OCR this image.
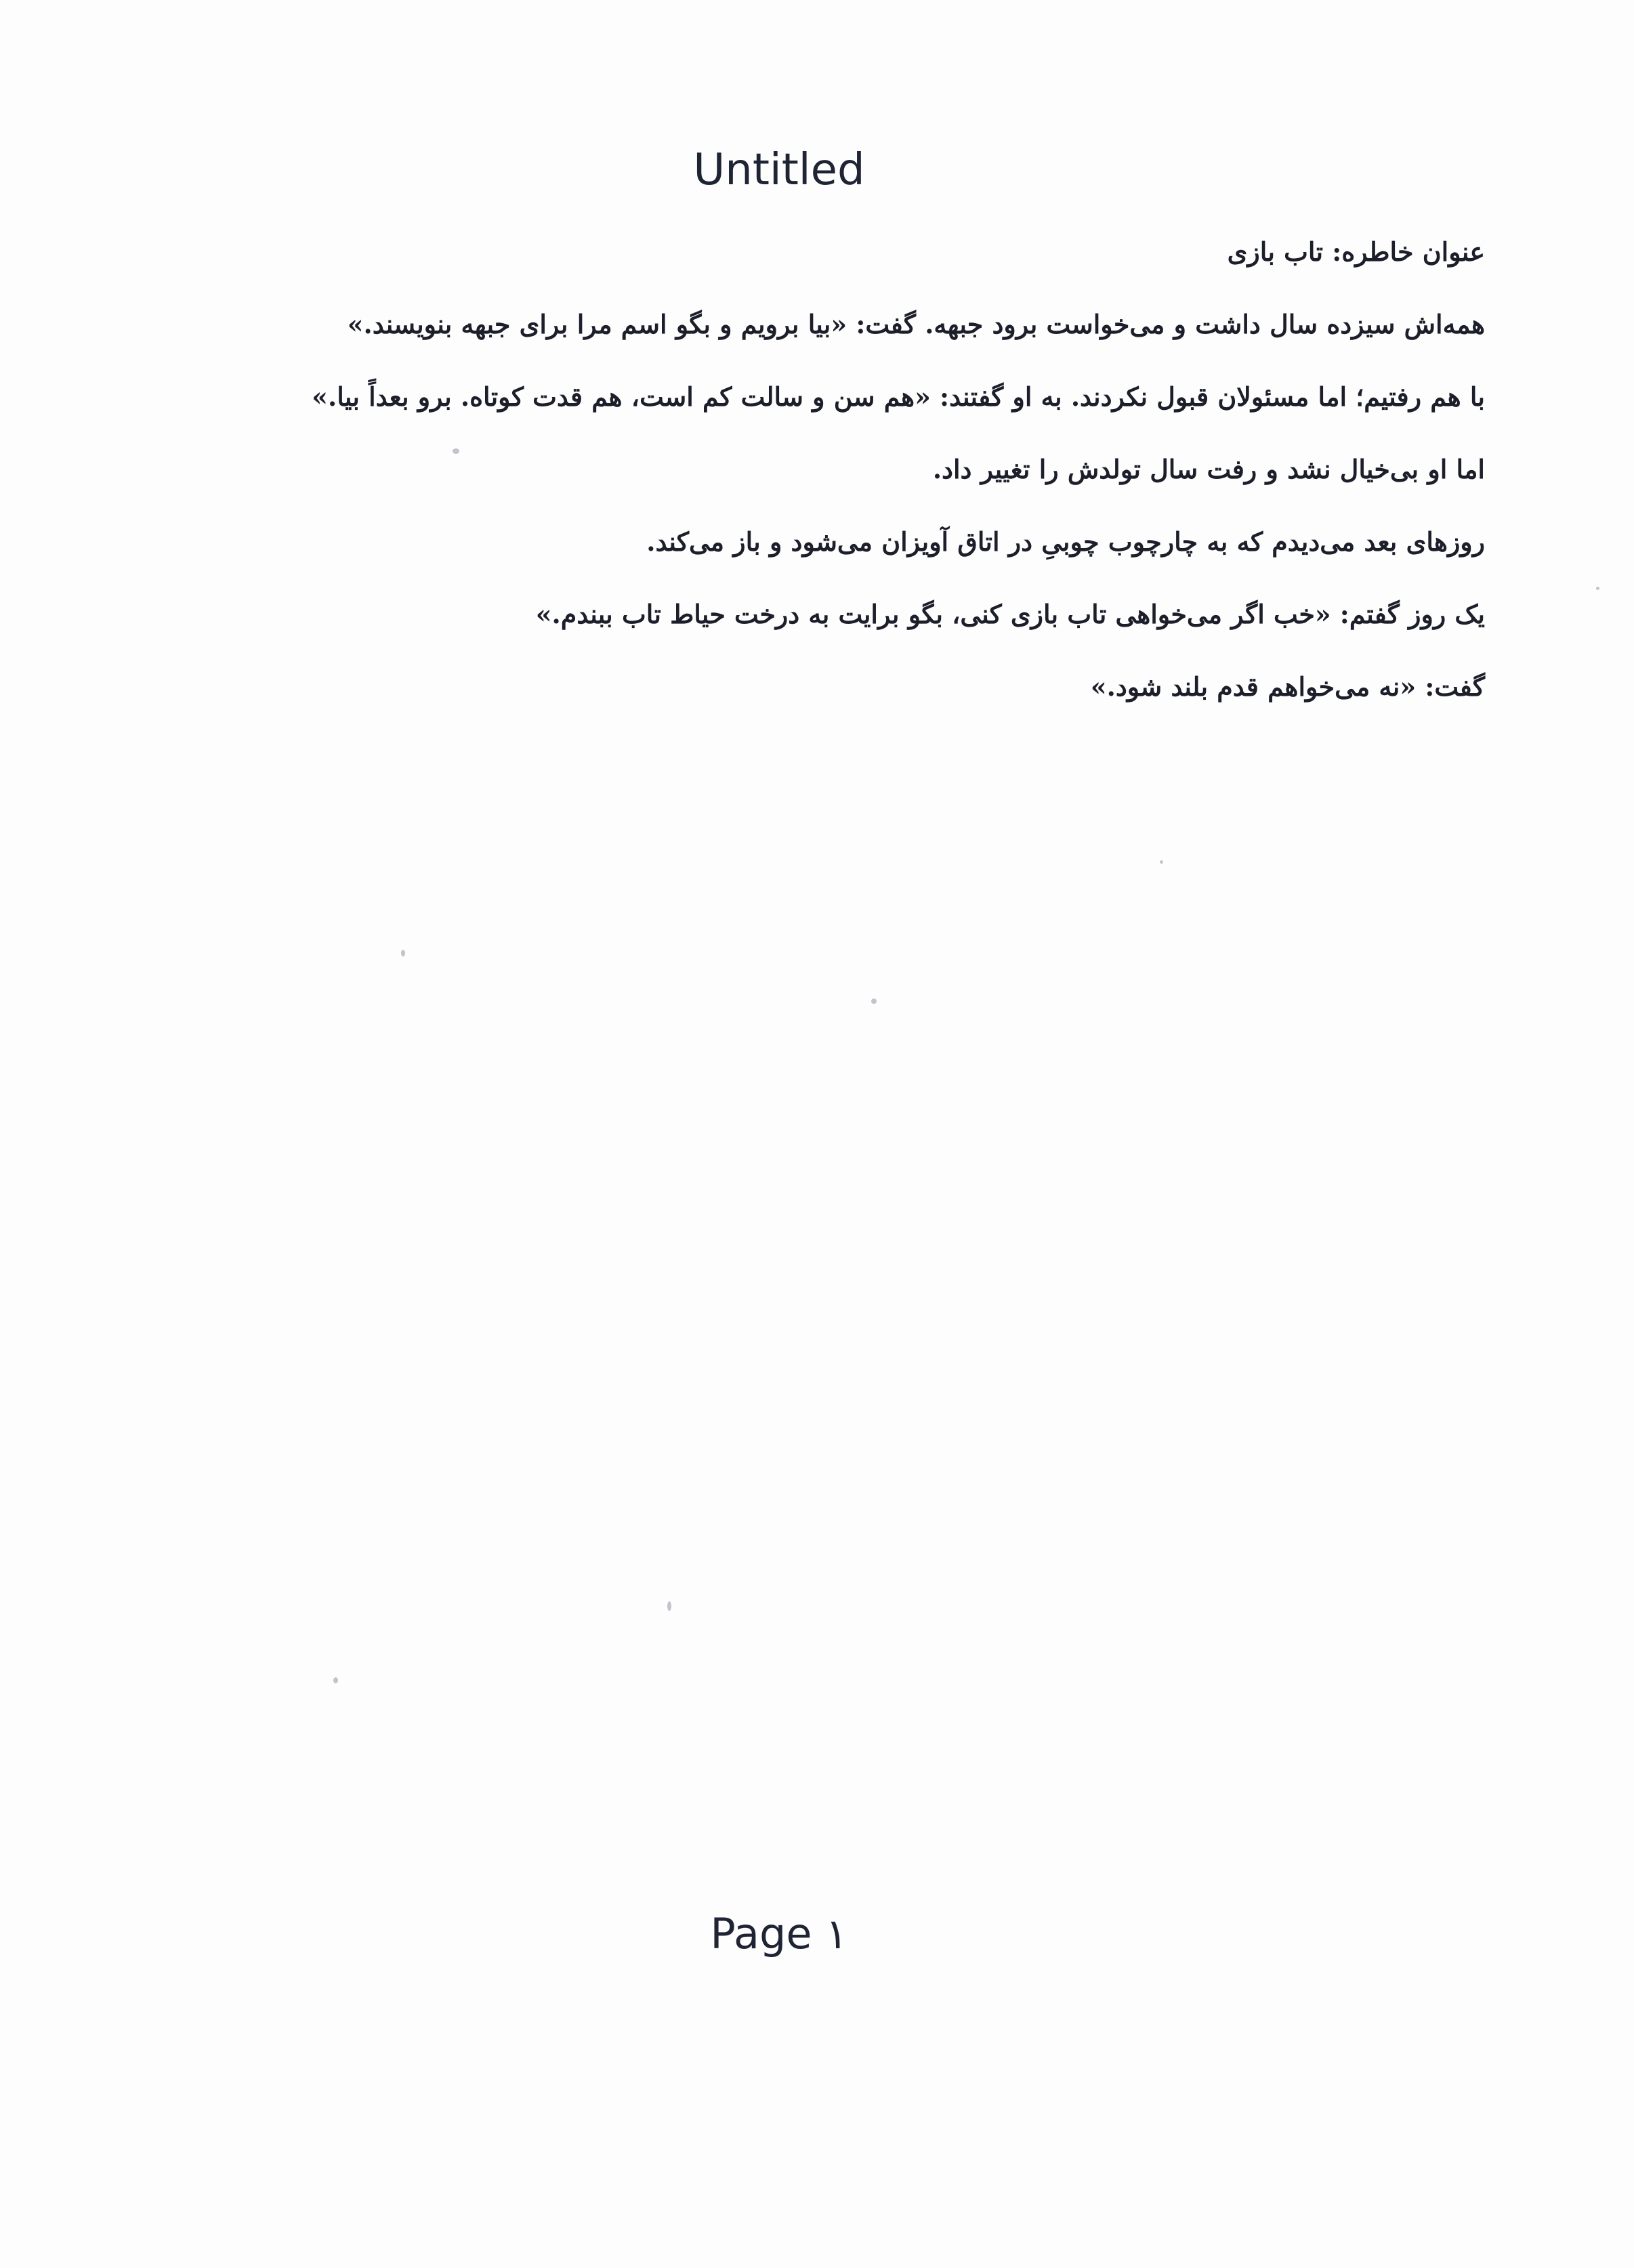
Untitled
عنوان خاطره: تاب بازی
همه‌اش سیزده سال داشت و می‌خواست برود جبهه. گفت: «بیا برویم و بگو اسم مرا برای جبهه بنویسند.»
با هم رفتیم؛ اما مسئولان قبول نکردند. به او گفتند: «هم سن و سالت کم است، هم قدت کوتاه. برو بعداً بیا.»
اما او بی‌خیال نشد و رفت سال تولدش را تغییر داد.
روزهای بعد می‌دیدم که به چارچوب چوبیِ در اتاق آویزان می‌شود و باز می‌کند.
یک روز گفتم: «خب اگر می‌خواهی تاب بازی کنی، بگو برایت به درخت حیاط تاب ببندم.»
گفت: «نه می‌خواهم قدم بلند شود.»
Page ۱
